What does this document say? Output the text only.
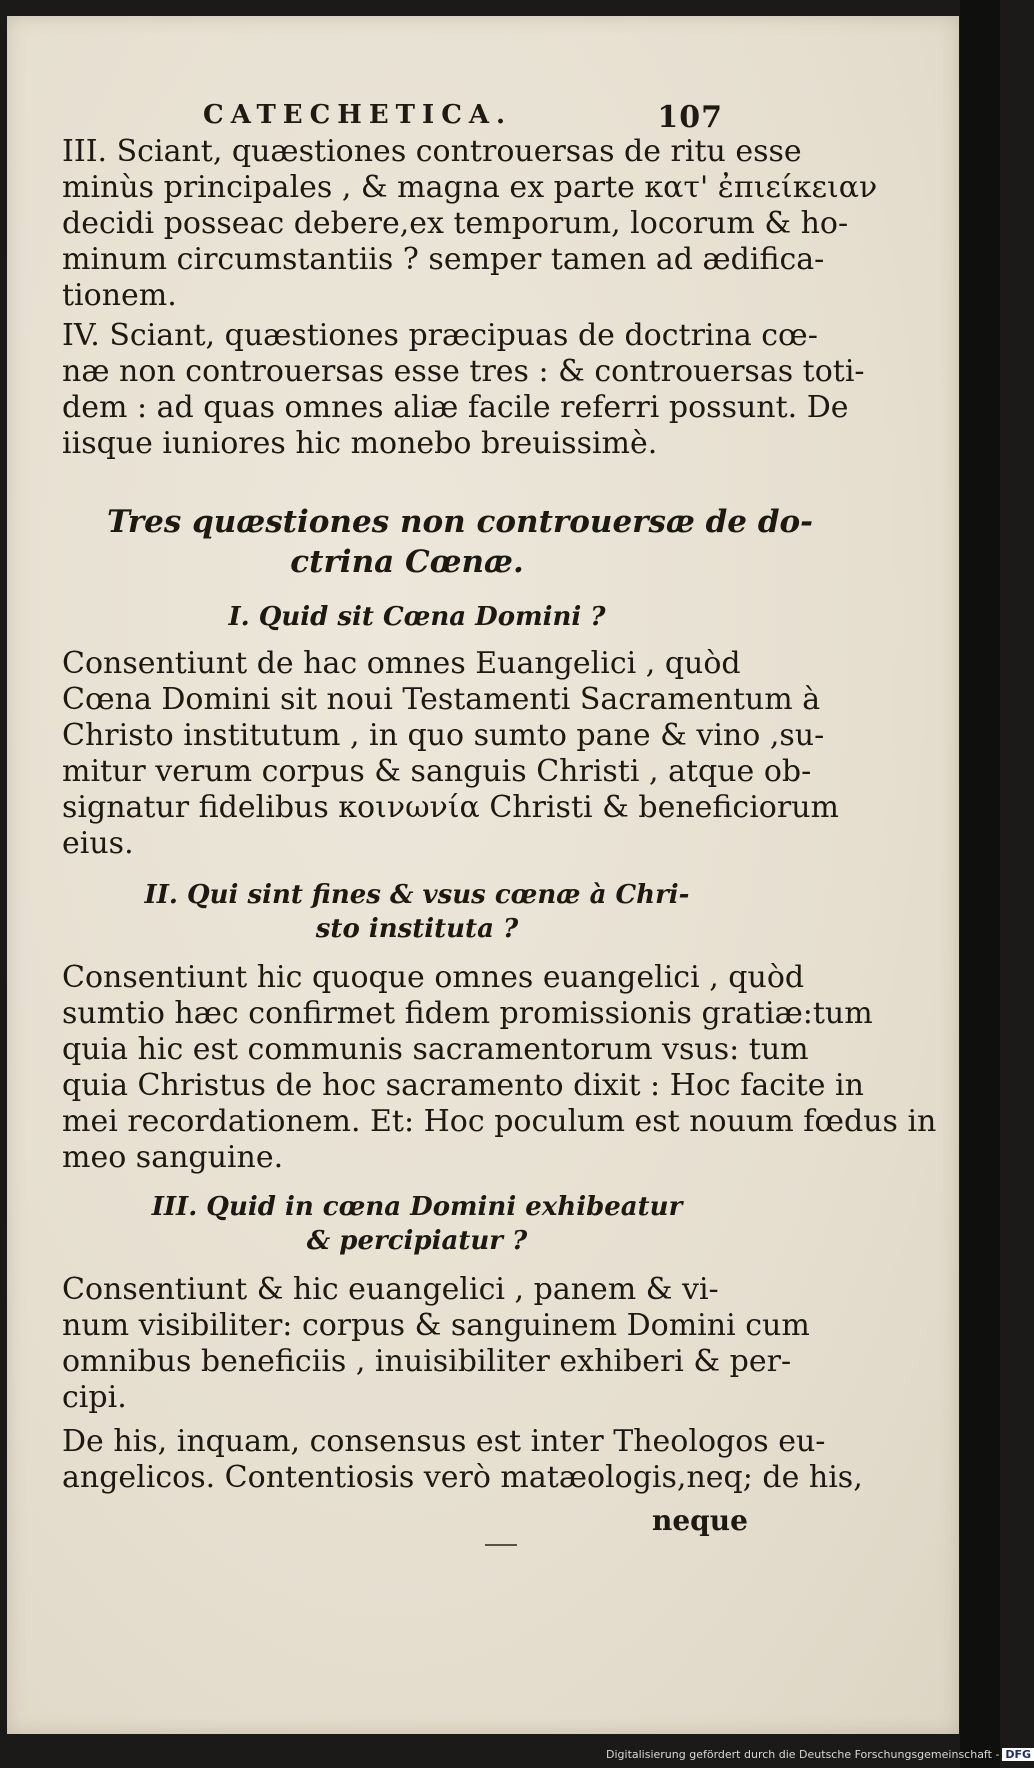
CATECHETICA.	107

III. Sciant, quæstiones controuersas de ritu esse
minùs principales , & magna ex parte κατ' ἐπιείκειαν
decidi posseac debere,ex temporum, locorum & ho-
minum circumstantiis ? semper tamen ad ædifica-
tionem.

IV. Sciant, quæstiones præcipuas de doctrina cœ-
næ non controuersas esse tres : & controuersas toti-
dem : ad quas omnes aliæ facile referri possunt. De
iisque iuniores hic monebo breuissimè.

Tres quæstiones non controuersæ de do-
ctrina Cœnæ.

I. Quid sit Cœna Domini ?

Consentiunt de hac omnes Euangelici , quòd
Cœna Domini sit noui Testamenti Sacramentum à
Christo institutum , in quo sumto pane & vino ,su-
mitur verum corpus & sanguis Christi , atque ob-
signatur fidelibus κοινωνία Christi & beneficiorum
eius.

II. Qui sint fines & vsus cœnæ à Chri-
sto instituta ?

Consentiunt hic quoque omnes euangelici , quòd
sumtio hæc confirmet fidem promissionis gratiæ:tum
quia hic est communis sacramentorum vsus: tum
quia Christus de hoc sacramento dixit : Hoc facite in
mei recordationem. Et: Hoc poculum est nouum fœdus in
meo sanguine.

III. Quid in cœna Domini exhibeatur
& percipiatur ?

Consentiunt & hic euangelici , panem & vi-
num visibiliter: corpus & sanguinem Domini cum
omnibus beneficiis , inuisibiliter exhiberi & per-
cipi.

De his, inquam, consensus est inter Theologos eu-
angelicos. Contentiosis verò matæologis,neq; de his,

neque
Digitalisierung gefördert durch die Deutsche Forschungsgemeinschaft - DFG
